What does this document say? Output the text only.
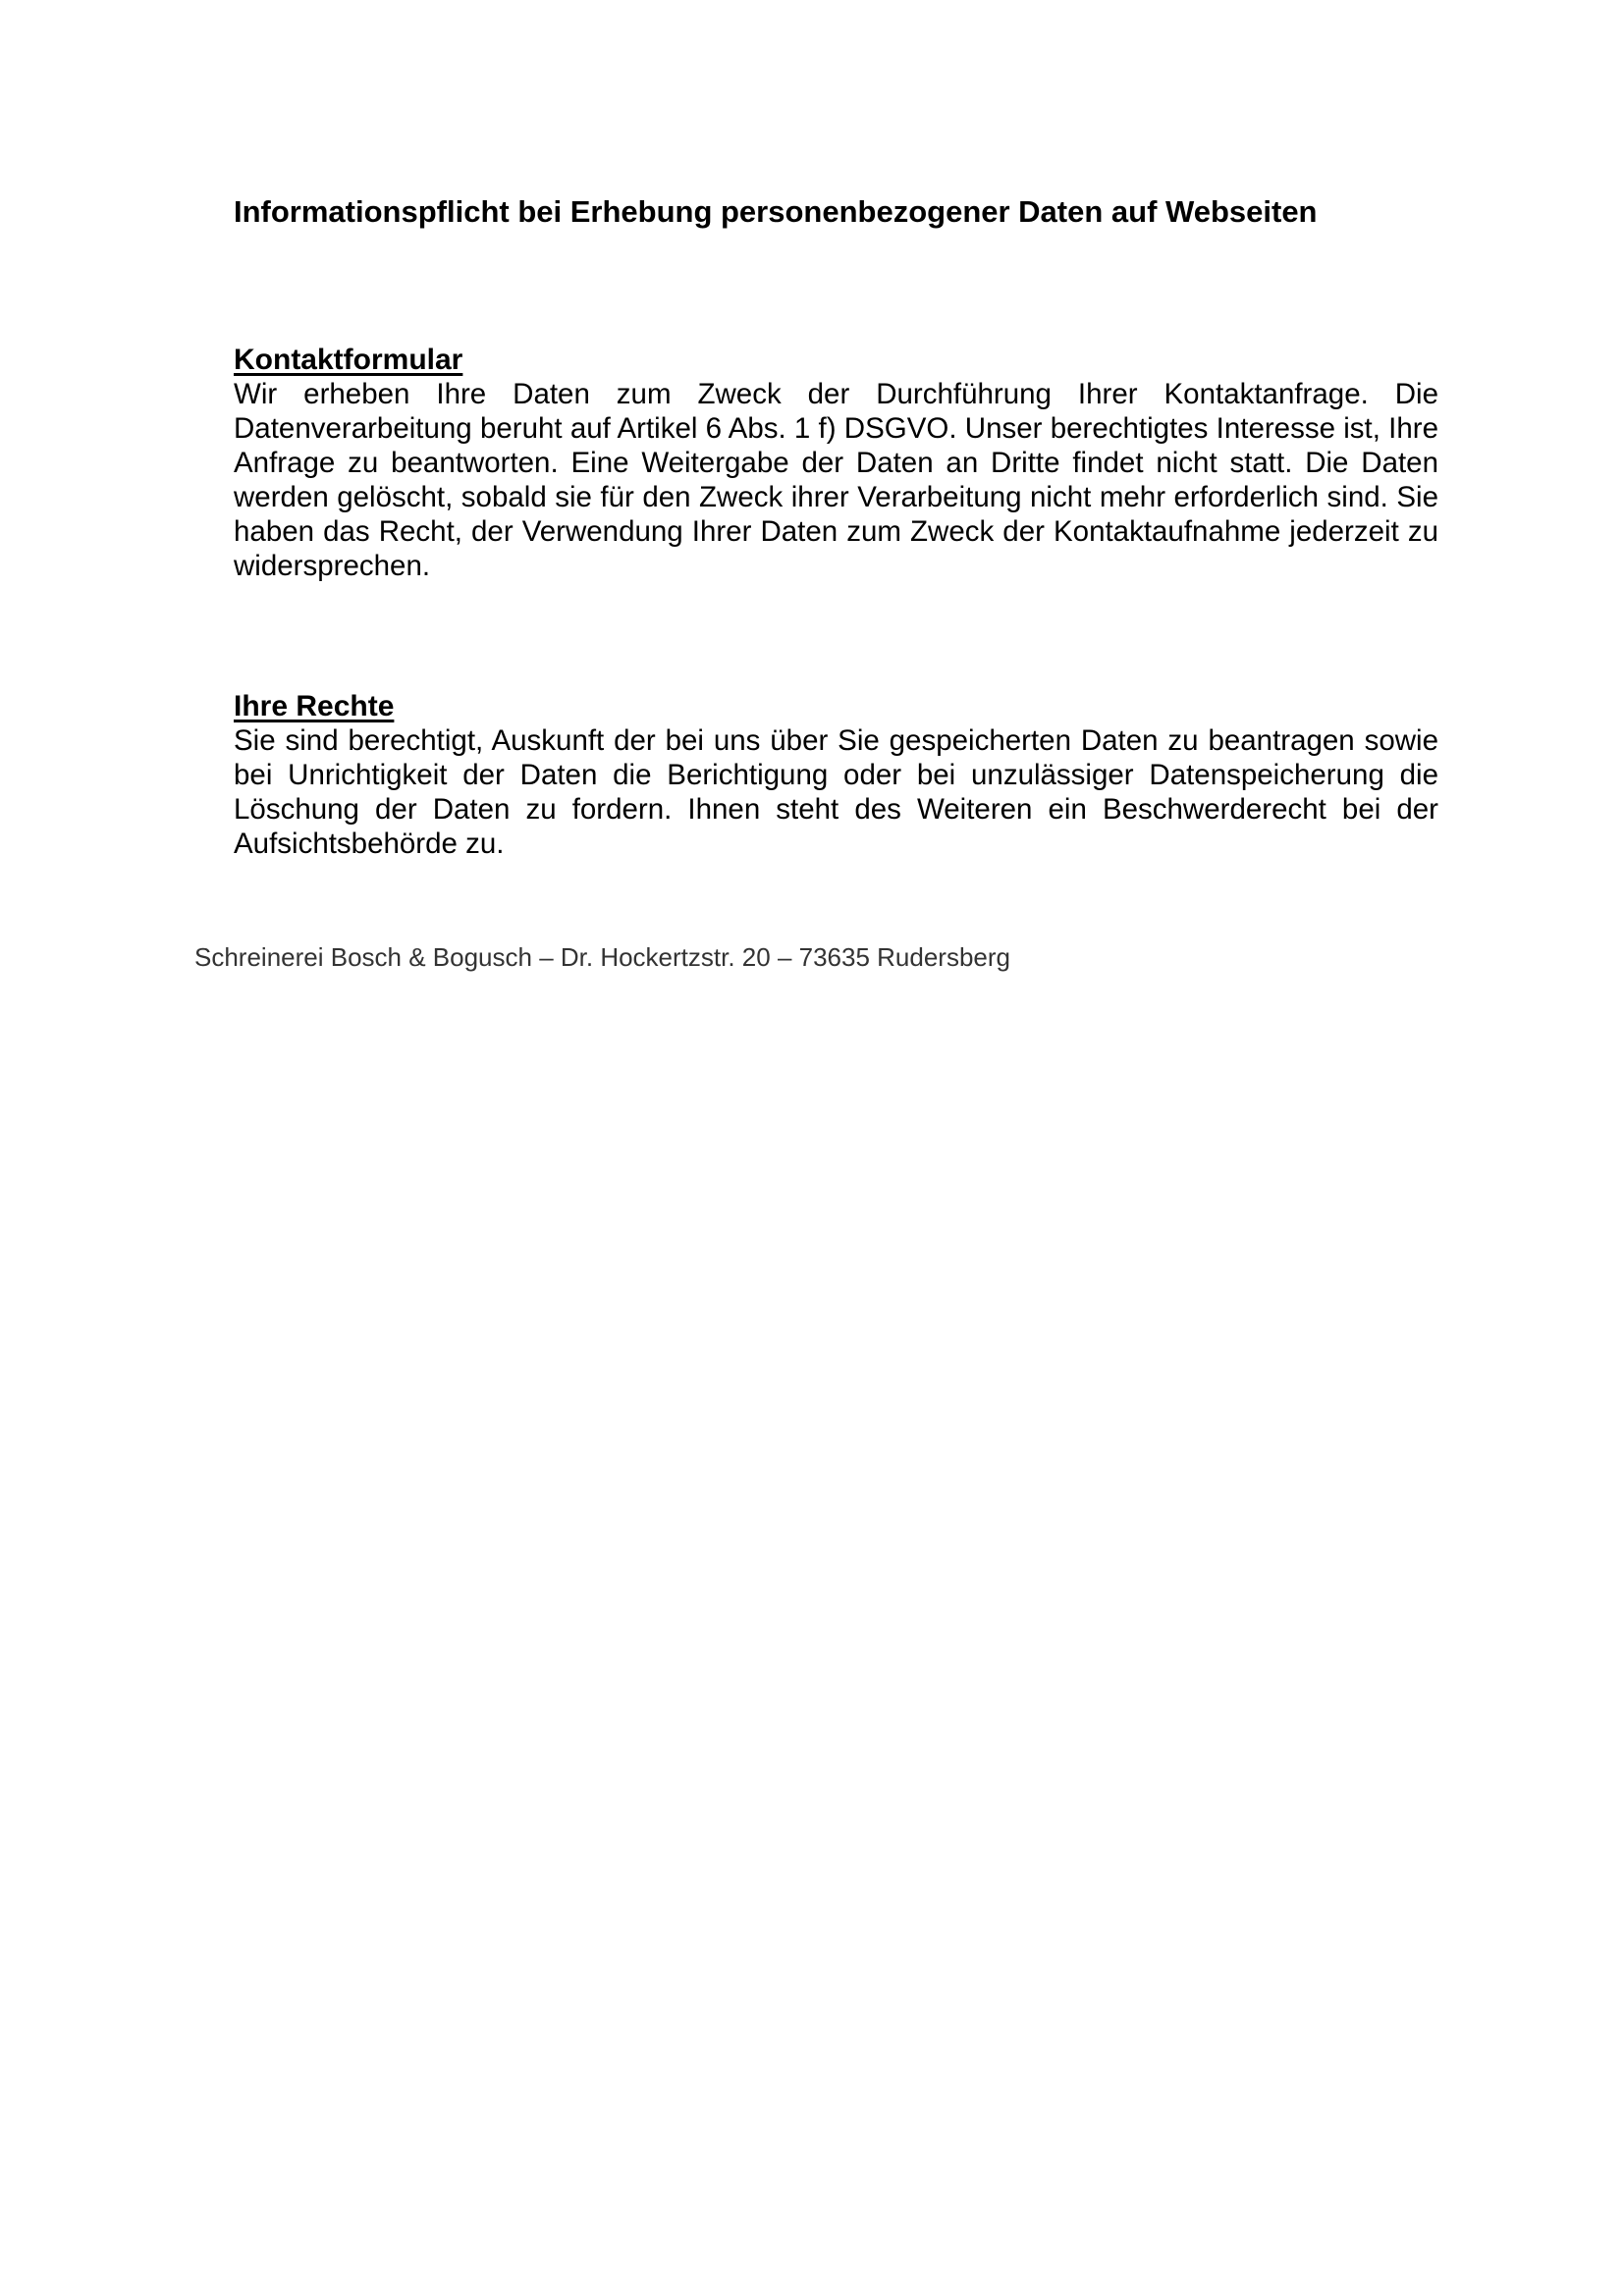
Informationspflicht bei Erhebung personenbezogener Daten auf Webseiten
Kontaktformular

Wir erheben Ihre Daten zum Zweck der Durchführung Ihrer Kontaktanfrage. Die Datenverarbeitung beruht auf Artikel 6 Abs. 1 f) DSGVO. Unser berechtigtes Interesse ist, Ihre Anfrage zu beantworten. Eine Weitergabe der Daten an Dritte findet nicht statt. Die Daten werden gelöscht, sobald sie für den Zweck ihrer Verarbeitung nicht mehr erforderlich sind. Sie haben das Recht, der Verwendung Ihrer Daten zum Zweck der Kontaktaufnahme jederzeit zu widersprechen.

Ihre Rechte

Sie sind berechtigt, Auskunft der bei uns über Sie gespeicherten Daten zu beantragen sowie bei Unrichtigkeit der Daten die Berichtigung oder bei unzulässiger Datenspeicherung die Löschung der Daten zu fordern. Ihnen steht des Weiteren ein Beschwerderecht bei der Aufsichtsbehörde zu.

Schreinerei Bosch & Bogusch – Dr. Hockertzstr. 20 – 73635 Rudersberg
